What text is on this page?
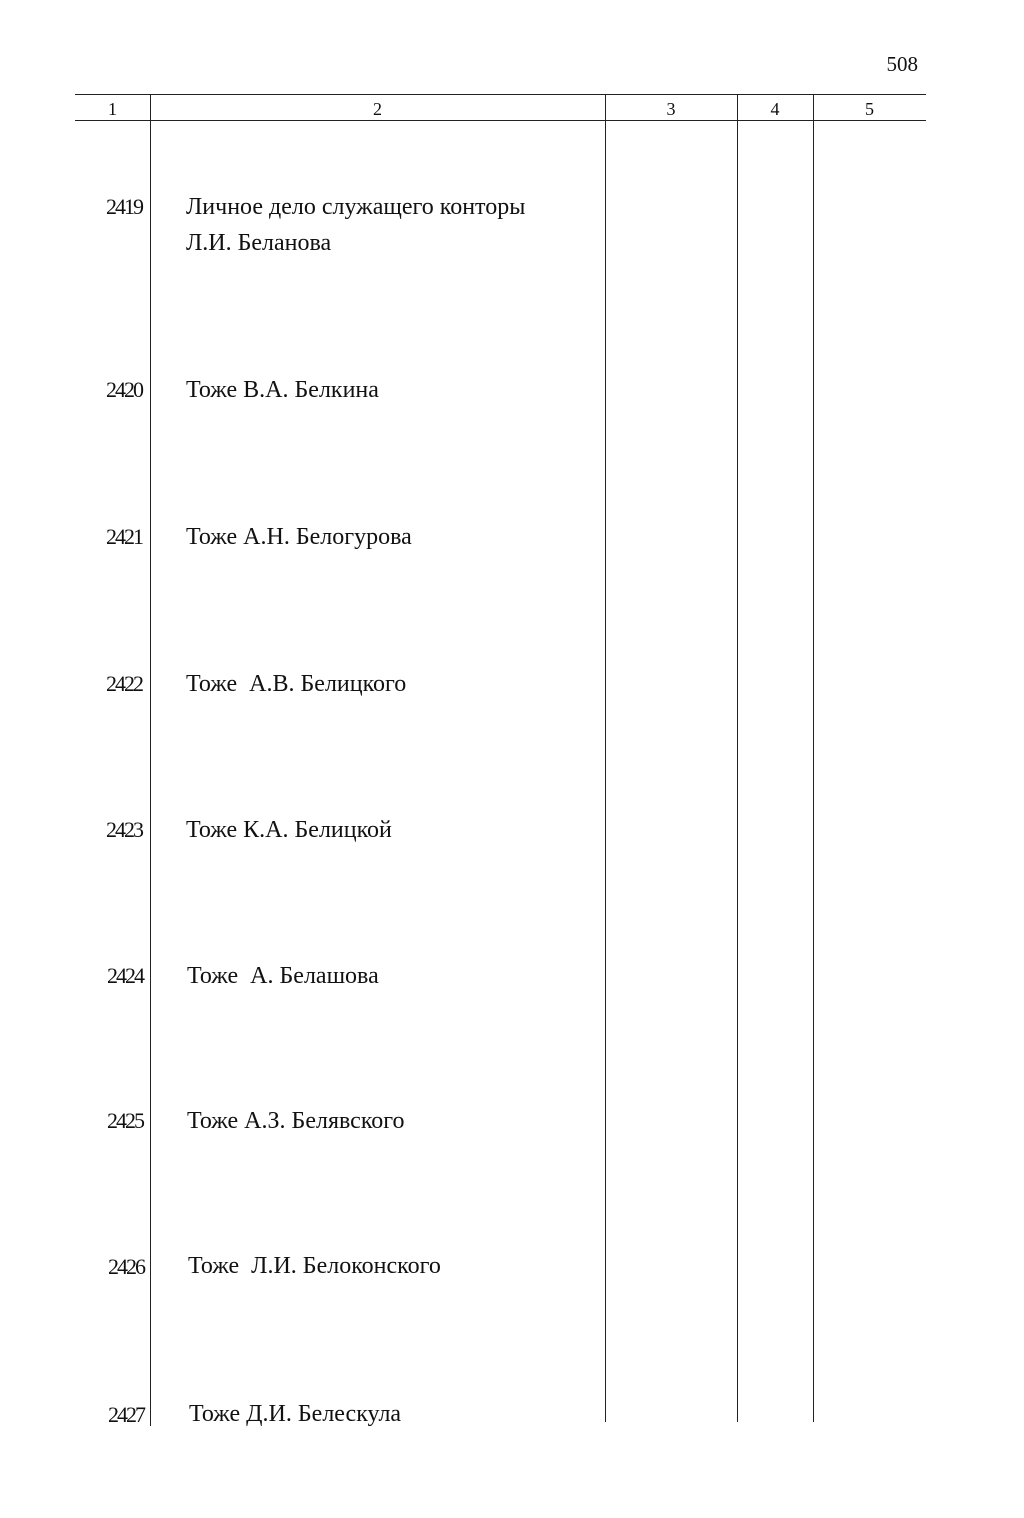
508
1	2	3	4	5
2419 Личное дело служащего конторы
Л.И. Беланова
2420 Тоже В.А. Белкина
2421 Тоже А.Н. Белогурова
2422 Тоже  А.В. Белицкого
2423 Тоже К.А. Белицкой
2424 Тоже  А. Белашова
2425 Тоже А.З. Белявского
2426 Тоже  Л.И. Белоконского
2427 Тоже Д.И. Белескула
